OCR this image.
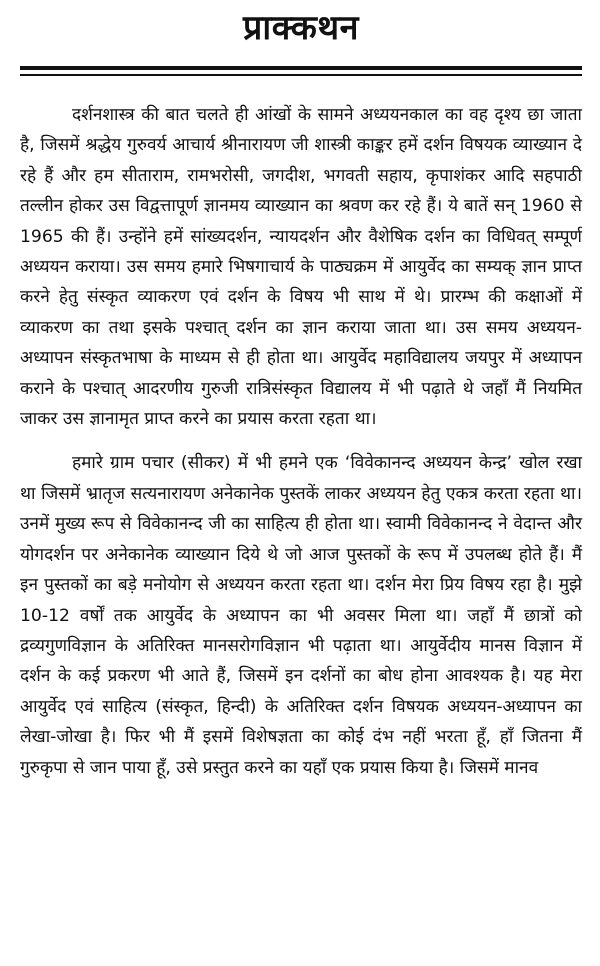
प्राक्कथन

दर्शनशास्त्र की बात चलते ही आंखों के सामने अध्ययनकाल का वह दृश्य छा जाता है, जिसमें श्रद्धेय गुरुवर्य आचार्य श्रीनारायण जी शास्त्री काङ्कर हमें दर्शन विषयक व्याख्यान दे रहे हैं और हम सीताराम, रामभरोसी, जगदीश, भगवती सहाय, कृपाशंकर आदि सहपाठी तल्लीन होकर उस विद्वत्तापूर्ण ज्ञानमय व्याख्यान का श्रवण कर रहे हैं। ये बातें सन् 1960 से 1965 की हैं। उन्होंने हमें सांख्यदर्शन, न्यायदर्शन और वैशेषिक दर्शन का विधिवत् सम्पूर्ण अध्ययन कराया। उस समय हमारे भिषगाचार्य के पाठ्यक्रम में आयुर्वेद का सम्यक् ज्ञान प्राप्त करने हेतु संस्कृत व्याकरण एवं दर्शन के विषय भी साथ में थे। प्रारम्भ की कक्षाओं में व्याकरण का तथा इसके पश्चात् दर्शन का ज्ञान कराया जाता था। उस समय अध्ययन-अध्यापन संस्कृतभाषा के माध्यम से ही होता था। आयुर्वेद महाविद्यालय जयपुर में अध्यापन कराने के पश्चात् आदरणीय गुरुजी रात्रिसंस्कृत विद्यालय में भी पढ़ाते थे जहाँ मैं नियमित जाकर उस ज्ञानामृत प्राप्त करने का प्रयास करता रहता था।

हमारे ग्राम पचार (सीकर) में भी हमने एक ‘विवेकानन्द अध्ययन केन्द्र’ खोल रखा था जिसमें भ्रातृज सत्यनारायण अनेकानेक पुस्तकें लाकर अध्ययन हेतु एकत्र करता रहता था। उनमें मुख्य रूप से विवेकानन्द जी का साहित्य ही होता था। स्वामी विवेकानन्द ने वेदान्त और योगदर्शन पर अनेकानेक व्याख्यान दिये थे जो आज पुस्तकों के रूप में उपलब्ध होते हैं। मैं इन पुस्तकों का बड़े मनोयोग से अध्ययन करता रहता था। दर्शन मेरा प्रिय विषय रहा है। मुझे 10-12 वर्षों तक आयुर्वेद के अध्यापन का भी अवसर मिला था। जहाँ मैं छात्रों को द्रव्यगुणविज्ञान के अतिरिक्त मानसरोगविज्ञान भी पढ़ाता था। आयुर्वेदीय मानस विज्ञान में दर्शन के कई प्रकरण भी आते हैं, जिसमें इन दर्शनों का बोध होना आवश्यक है। यह मेरा आयुर्वेद एवं साहित्य (संस्कृत, हिन्दी) के अतिरिक्त दर्शन विषयक अध्ययन-अध्यापन का लेखा-जोखा है। फिर भी मैं इसमें विशेषज्ञता का कोई दंभ नहीं भरता हूँ, हाँ जितना मैं गुरुकृपा से जान पाया हूँ, उसे प्रस्तुत करने का यहाँ एक प्रयास किया है। जिसमें मानव
